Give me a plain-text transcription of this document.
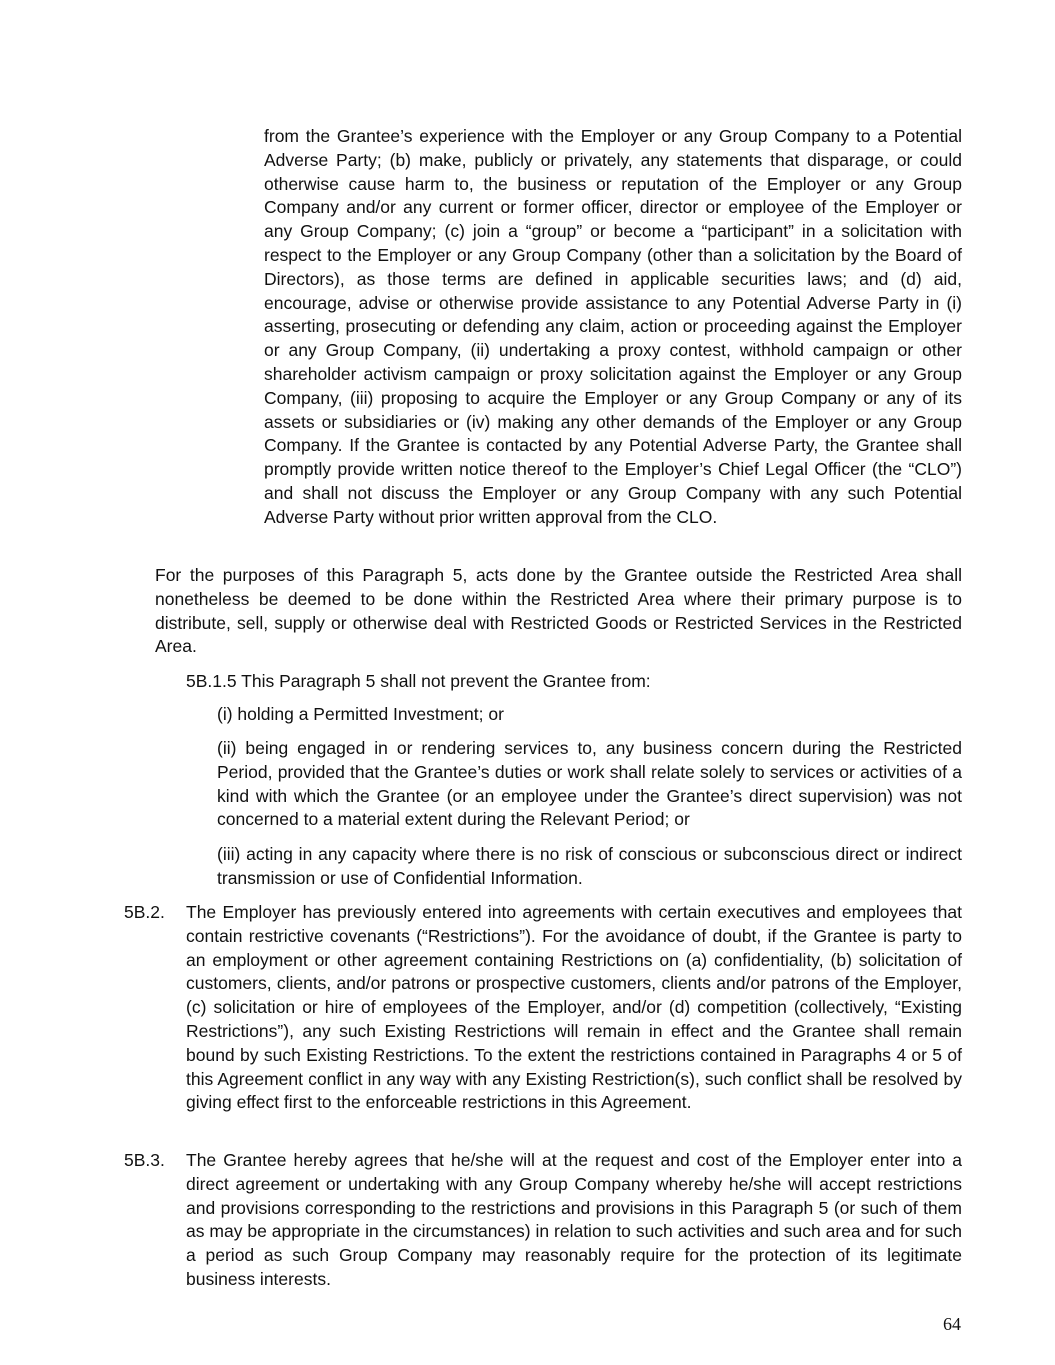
from the Grantee’s experience with the Employer or any Group Company to a Potential Adverse Party; (b) make, publicly or privately, any statements that disparage, or could otherwise cause harm to, the business or reputation of the Employer or any Group Company and/or any current or former officer, director or employee of the Employer or any Group Company; (c) join a “group” or become a “participant” in a solicitation with respect to the Employer or any Group Company (other than a solicitation by the Board of Directors), as those terms are defined in applicable securities laws; and (d) aid, encourage, advise or otherwise provide assistance to any Potential Adverse Party in (i) asserting, prosecuting or defending any claim, action or proceeding against the Employer or any Group Company, (ii) undertaking a proxy contest, withhold campaign or other shareholder activism campaign or proxy solicitation against the Employer or any Group Company, (iii) proposing to acquire the Employer or any Group Company or any of its assets or subsidiaries or (iv) making any other demands of the Employer or any Group Company. If the Grantee is contacted by any Potential Adverse Party, the Grantee shall promptly provide written notice thereof to the Employer’s Chief Legal Officer (the “CLO”) and shall not discuss the Employer or any Group Company with any such Potential Adverse Party without prior written approval from the CLO.

For the purposes of this Paragraph 5, acts done by the Grantee outside the Restricted Area shall nonetheless be deemed to be done within the Restricted Area where their primary purpose is to distribute, sell, supply or otherwise deal with Restricted Goods or Restricted Services in the Restricted Area.

5B.1.5 This Paragraph 5 shall not prevent the Grantee from:

(i) holding a Permitted Investment; or

(ii) being engaged in or rendering services to, any business concern during the Restricted Period, provided that the Grantee’s duties or work shall relate solely to services or activities of a kind with which the Grantee (or an employee under the Grantee’s direct supervision) was not concerned to a material extent during the Relevant Period; or

(iii) acting in any capacity where there is no risk of conscious or subconscious direct or indirect transmission or use of Confidential Information.

5B.2.	The Employer has previously entered into agreements with certain executives and employees that contain restrictive covenants (“Restrictions”). For the avoidance of doubt, if the Grantee is party to an employment or other agreement containing Restrictions on (a) confidentiality, (b) solicitation of customers, clients, and/or patrons or prospective customers, clients and/or patrons of the Employer, (c) solicitation or hire of employees of the Employer, and/or (d) competition (collectively, “Existing Restrictions”), any such Existing Restrictions will remain in effect and the Grantee shall remain bound by such Existing Restrictions. To the extent the restrictions contained in Paragraphs 4 or 5 of this Agreement conflict in any way with any Existing Restriction(s), such conflict shall be resolved by giving effect first to the enforceable restrictions in this Agreement.

5B.3.	The Grantee hereby agrees that he/she will at the request and cost of the Employer enter into a direct agreement or undertaking with any Group Company whereby he/she will accept restrictions and provisions corresponding to the restrictions and provisions in this Paragraph 5 (or such of them as may be appropriate in the circumstances) in relation to such activities and such area and for such a period as such Group Company may reasonably require for the protection of its legitimate business interests.

64
